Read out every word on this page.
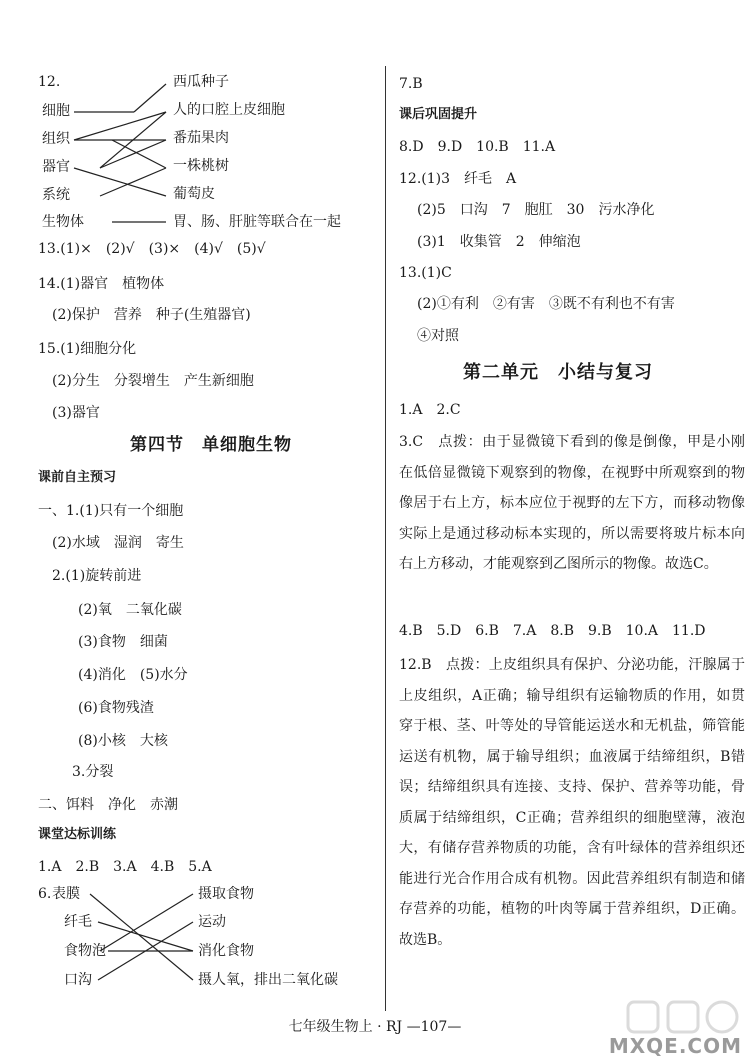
12.
细胞
组织
器官
系统
生物体
西瓜种子
人的口腔上皮细胞
番茄果肉
一株桃树
葡萄皮
胃、肠、肝脏等联合在一起
13.(1)×　(2)√　(3)×　(4)√　(5)√
14.(1)器官　植物体
(2)保护　营养　种子(生殖器官)
15.(1)细胞分化
(2)分生　分裂增生　产生新细胞
(3)器官
第四节　单细胞生物
课前自主预习
一、1.(1)只有一个细胞
(2)水域　湿润　寄生
2.(1)旋转前进
(2)氧　二氧化碳
(3)食物　细菌
(4)消化　(5)水分
(6)食物残渣
(8)小核　大核
3.分裂
二、饵料　净化　赤潮
课堂达标训练
1.A　2.B　3.A　4.B　5.A
6. 表膜
纤毛
食物泡
口沟
摄取食物
运动
消化食物
摄人氧，排出二氧化碳
7.B
课后巩固提升
8.D　9.D　10.B　11.A
12.(1)3　纤毛　A
(2)5　口沟　7　胞肛　30　污水净化
(3)1　收集管　2　伸缩泡
13.(1)C
(2)①有利　②有害　③既不有利也不有害
④对照
第二单元　小结与复习
1.A　2.C
3.C　点拨：由于显微镜下看到的像是倒像，甲是小刚在低倍显微镜下观察到的物像，在视野中所观察到的物像居于右上方，标本应位于视野的左下方，而移动物像实际上是通过移动标本实现的，所以需要将玻片标本向右上方移动，才能观察到乙图所示的物像。故选C。
4.B　5.D　6.B　7.A　8.B　9.B　10.A　11.D
12.B　点拨：上皮组织具有保护、分泌功能，汗腺属于上皮组织，A正确；输导组织有运输物质的作用，如贯穿于根、茎、叶等处的导管能运送水和无机盐，筛管能运送有机物，属于输导组织；血液属于结缔组织，B错误；结缔组织具有连接、支持、保护、营养等功能，骨质属于结缔组织，C正确；营养组织的细胞壁薄，液泡大，有储存营养物质的功能，含有叶绿体的营养组织还能进行光合作用合成有机物。因此营养组织有制造和储存营养的功能，植物的叶肉等属于营养组织，D正确。故选B。
七年级生物上 · RJ —107—
MXQE.COM
